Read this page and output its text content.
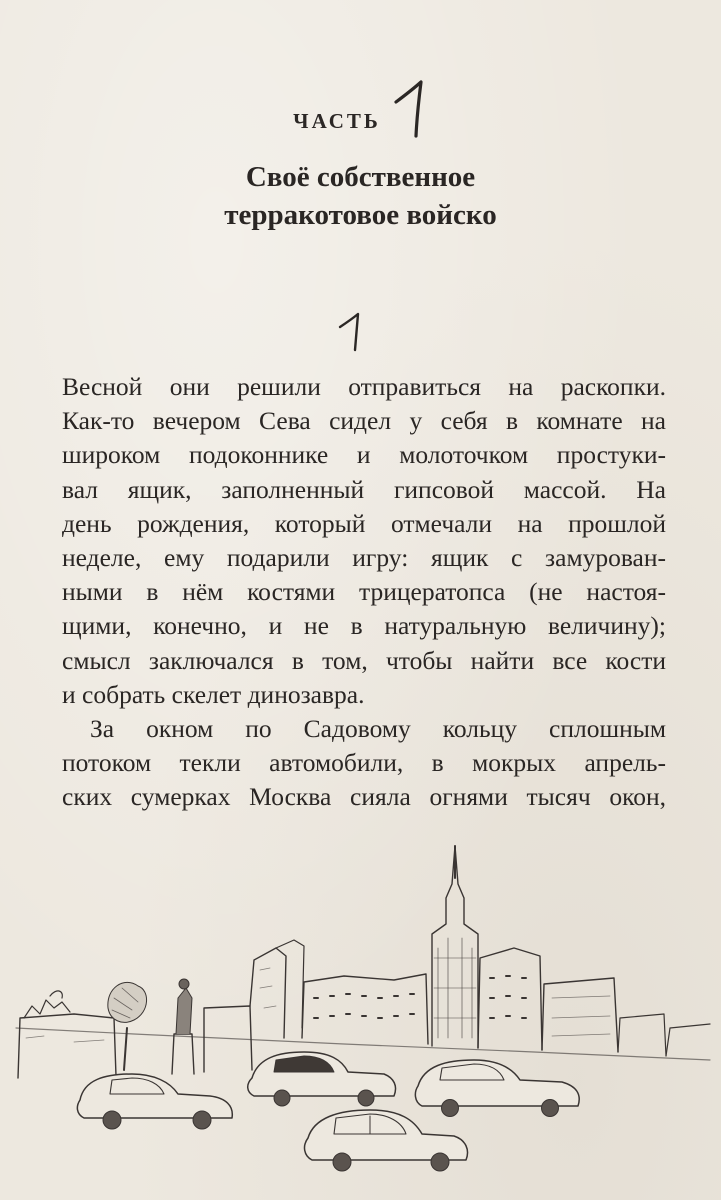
ЧАСТЬ
Своё собственное
терракотовое войско
Весной они решили отправиться на раскопки.
Как-то вечером Сева сидел у себя в комнате на
широком подоконнике и молоточком простуки-
вал ящик, заполненный гипсовой массой. На
день рождения, который отмечали на прошлой
неделе, ему подарили игру: ящик с замурован-
ными в нём костями трицератопса (не настоя-
щими, конечно, и не в натуральную величину);
смысл заключался в том, чтобы найти все кости
и собрать скелет динозавра.
За окном по Садовому кольцу сплошным
потоком текли автомобили, в мокрых апрель-
ских сумерках Москва сияла огнями тысяч окон,
